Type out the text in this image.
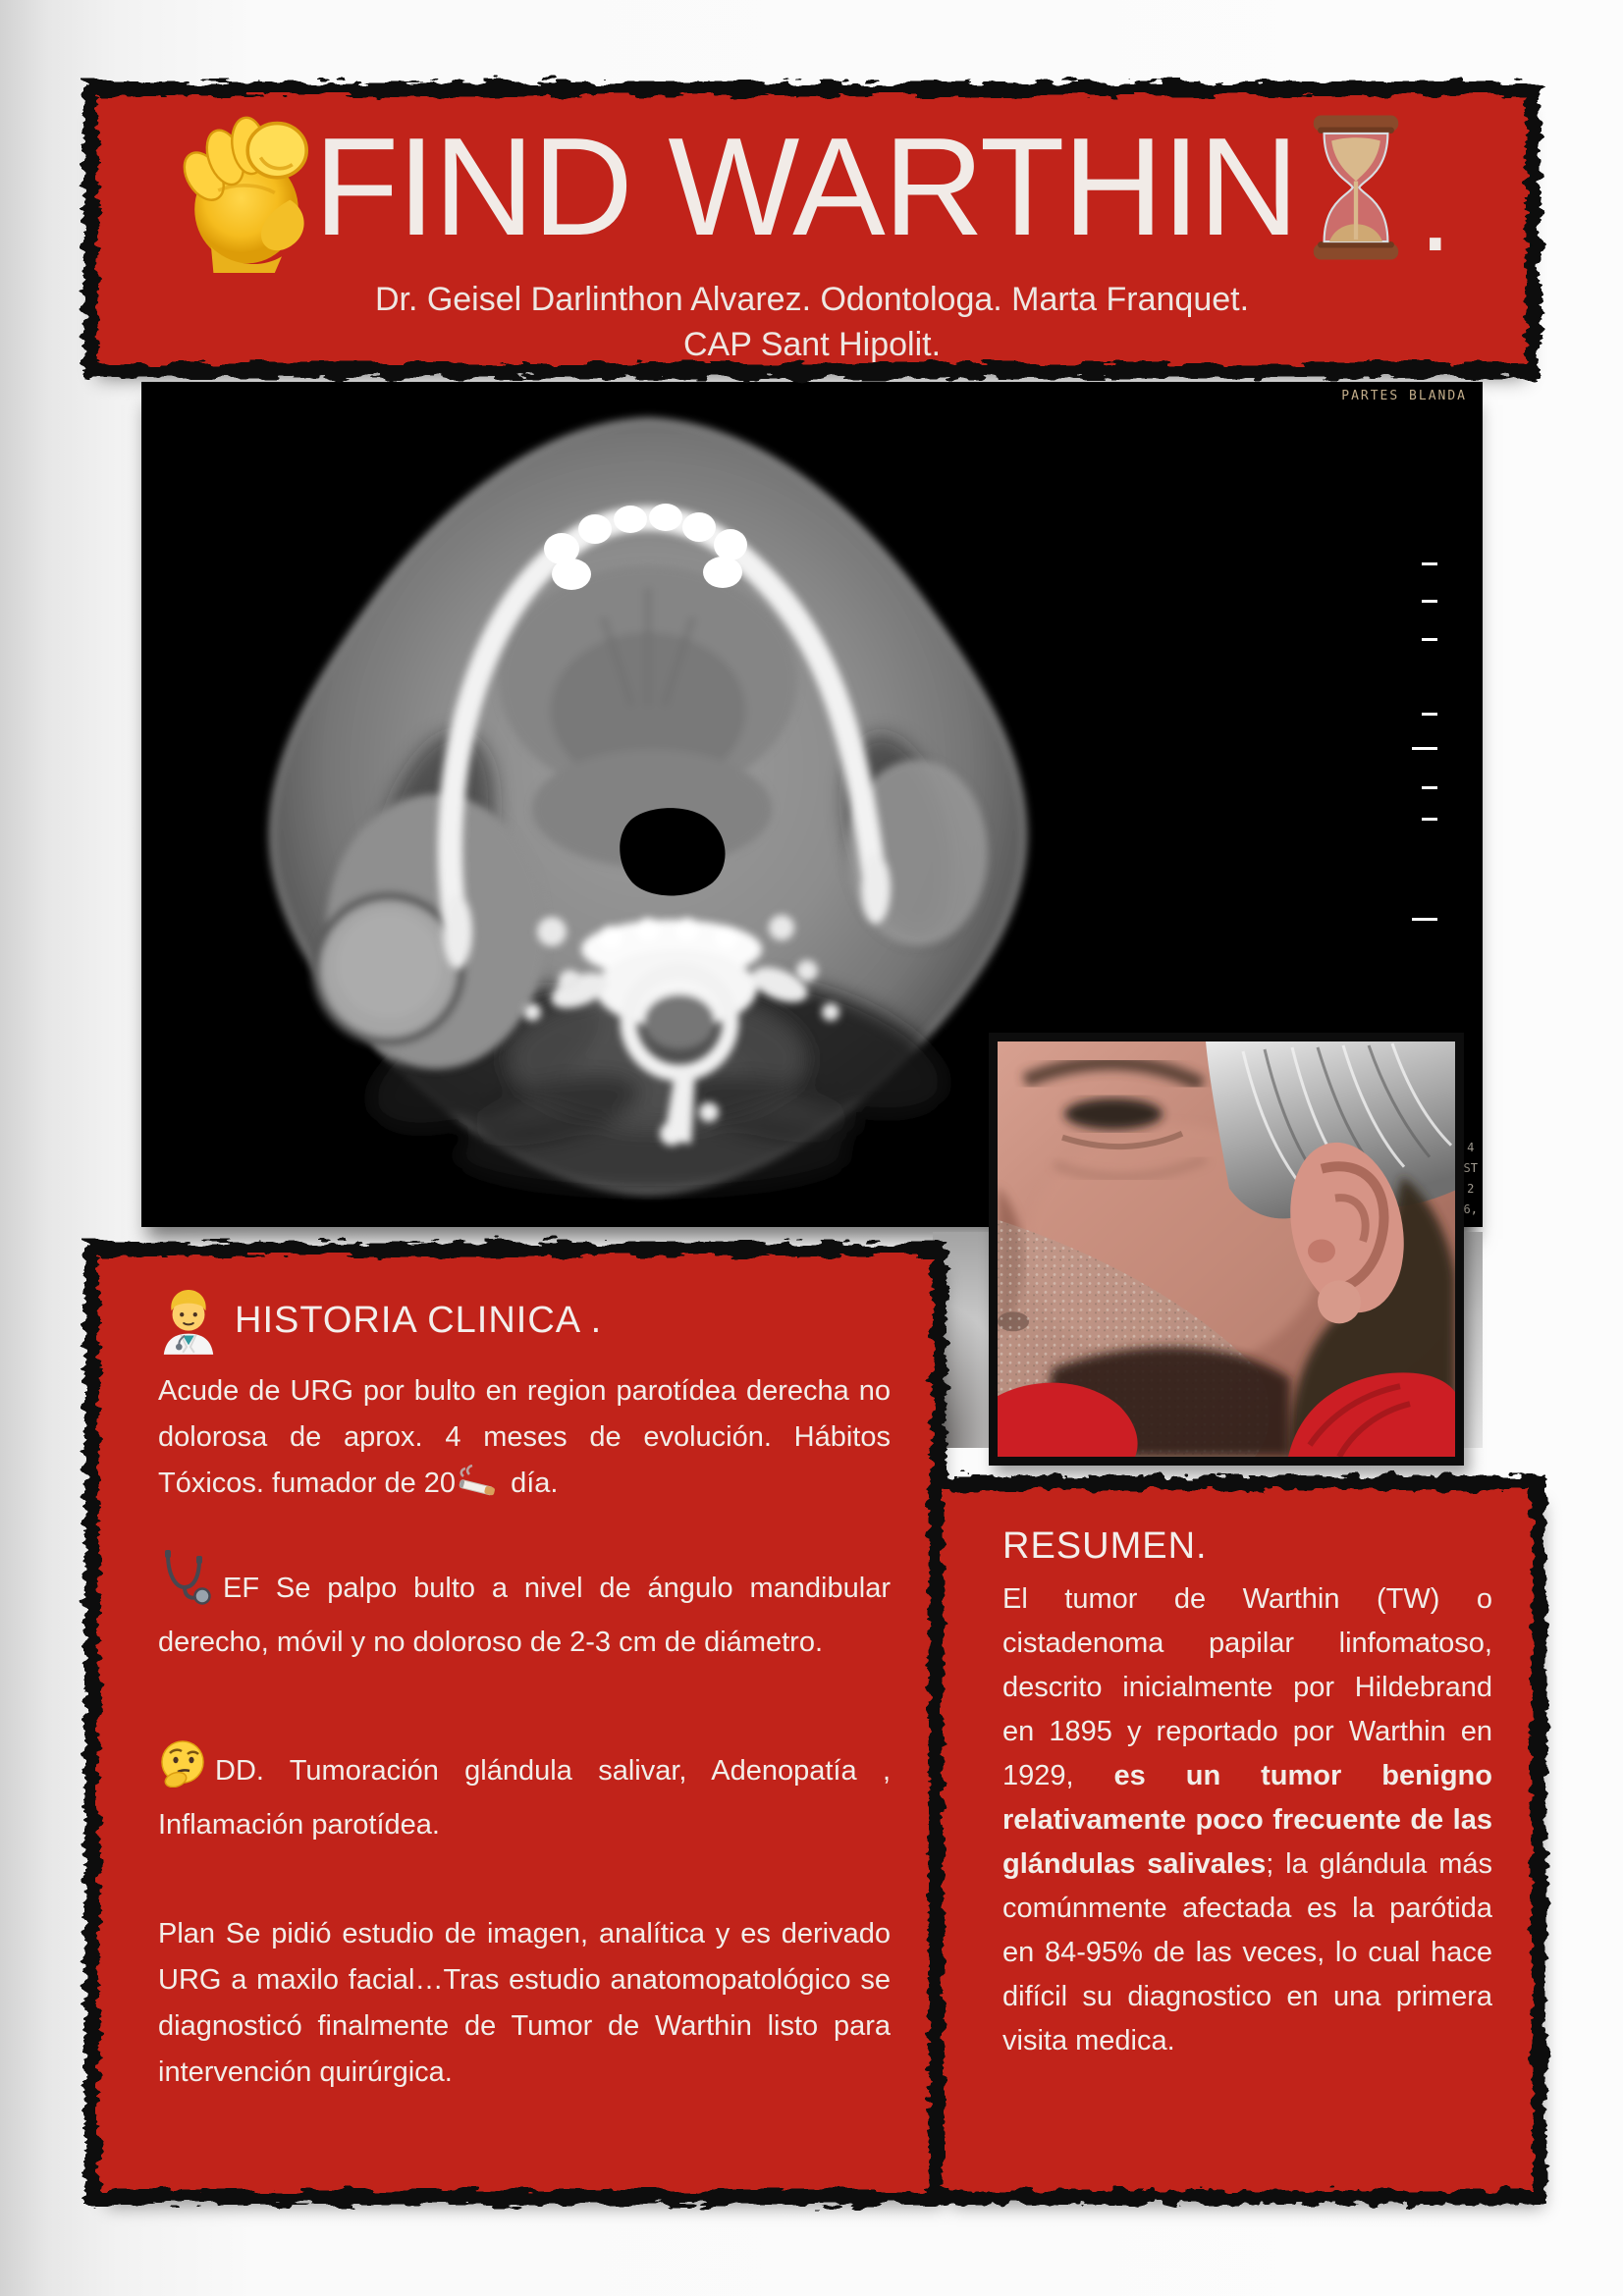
FIND WARTHIN .
Dr. Geisel Darlinthon Alvarez. Odontologa. Marta Franquet.
CAP Sant Hipolit.
PARTES BLANDA
4
ST
2
6,
HISTORIA CLINICA .

Acude de URG por bulto en region parotídea derecha no dolorosa de aprox. 4 meses de evolución. Hábitos Tóxicos. fumador de 20 día.

EF Se palpo bulto a nivel de ángulo mandibular derecho, móvil y no doloroso de 2-3 cm de diámetro.

DD. Tumoración glándula salivar, Adenopatía , Inflamación parotídea.

Plan Se pidió estudio de imagen, analítica y es derivado URG a maxilo facial…Tras estudio anatomopatológico se diagnosticó finalmente de Tumor de Warthin listo para intervención quirúrgica.

RESUMEN.

El tumor de Warthin (TW) o cistadenoma papilar linfomatoso, descrito inicialmente por Hildebrand en 1895 y reportado por Warthin en 1929, es un tumor benigno relativamente poco frecuente de las glándulas salivales; la glándula más comúnmente afectada es la parótida en 84-95% de las veces, lo cual hace difícil su diagnostico en una primera visita medica.
